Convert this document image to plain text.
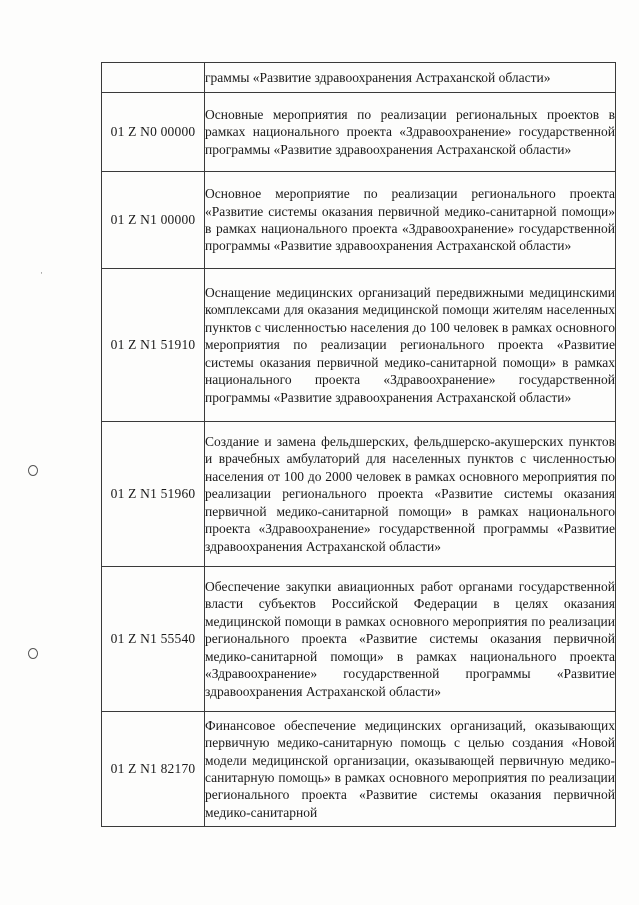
·
	граммы «Развитие здравоохранения Астраханской области»
01 Z N0 00000	Основные мероприятия по реализации региональных проектов в рамках национального проекта «Здравоохранение» государственной программы «Развитие здравоохранения Астраханской области»
01 Z N1 00000	Основное мероприятие по реализации регионального проекта «Развитие системы оказания первичной медико-санитарной помощи» в рамках национального проекта «Здравоохранение» государственной программы «Развитие здравоохранения Астраханской области»
01 Z N1 51910	Оснащение медицинских организаций передвижными медицинскими комплексами для оказания медицинской помощи жителям населенных пунктов с численностью населения до 100 человек в рамках основного мероприятия по реализации регионального проекта «Развитие системы оказания первичной медико-санитарной помощи» в рамках национального проекта «Здравоохранение» государственной программы «Развитие здравоохранения Астраханской области»
01 Z N1 51960	Создание и замена фельдшерских, фельдшерско-акушерских пунктов и врачебных амбулаторий для населенных пунктов с численностью населения от 100 до 2000 человек в рамках основного мероприятия по реализации регионального проекта «Развитие системы оказания первичной медико-санитарной помощи» в рамках национального проекта «Здравоохранение» государственной программы «Развитие здравоохранения Астраханской области»
01 Z N1 55540	Обеспечение закупки авиационных работ органами государственной власти субъектов Российской Федерации в целях оказания медицинской помощи в рамках основного мероприятия по реализации регионального проекта «Развитие системы оказания первичной медико-санитарной помощи» в рамках национального проекта «Здравоохранение» государственной программы «Развитие здравоохранения Астраханской области»
01 Z N1 82170	Финансовое обеспечение медицинских организаций, оказывающих первичную медико-санитарную помощь с целью создания «Новой модели медицинской организации, оказывающей первичную медико-санитарную помощь» в рамках основного мероприятия по реализации регионального проекта «Развитие системы оказания первичной медико-санитарной
